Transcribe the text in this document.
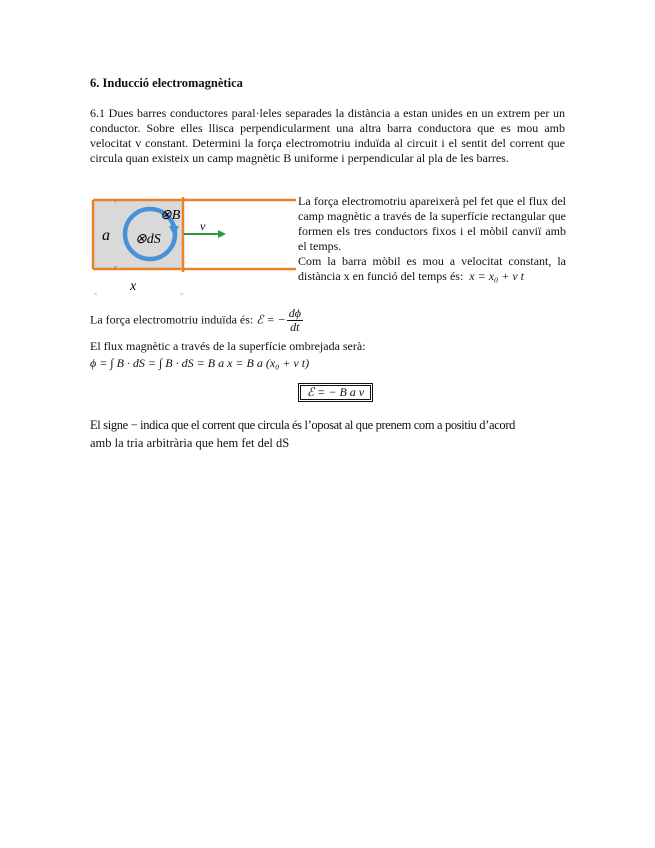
6. Inducció electromagnètica
6.1 Dues barres conductores paral·leles separades la distància a estan unides en un extrem per un conductor. Sobre elles llisca perpendicularment una altra barra conductora que es mou amb velocitat v constant. Determini la força electromotriu induïda al circuit i el sentit del corrent que circula quan existeix un camp magnètic B uniforme i perpendicular al pla de les barres.
a
⊗B
⊗dS
v
x
<	>
^
v

La força electromotriu apareixerà pel fet que el flux del camp magnètic a través de la superfície rectangular que formen els tres conductors fixos i el mòbil canviï amb el temps.

Com la barra mòbil es mou a velocitat constant, la distància x en funció del temps és: x = x₀ + v t

La força electromotriu induïda és: ℰ = − $\frac{d\phi}{dt}$
El flux magnètic a través de la superfície ombrejada serà:
ϕ = ∫ B · dS = ∫ B · dS = B a x = B a (x₀ + v t)
ℰ = − B a v
El signe − indica que el corrent que circula és l’oposat al que prenem com a positiu d’acord
amb la tria arbitrària que hem fet del dS
